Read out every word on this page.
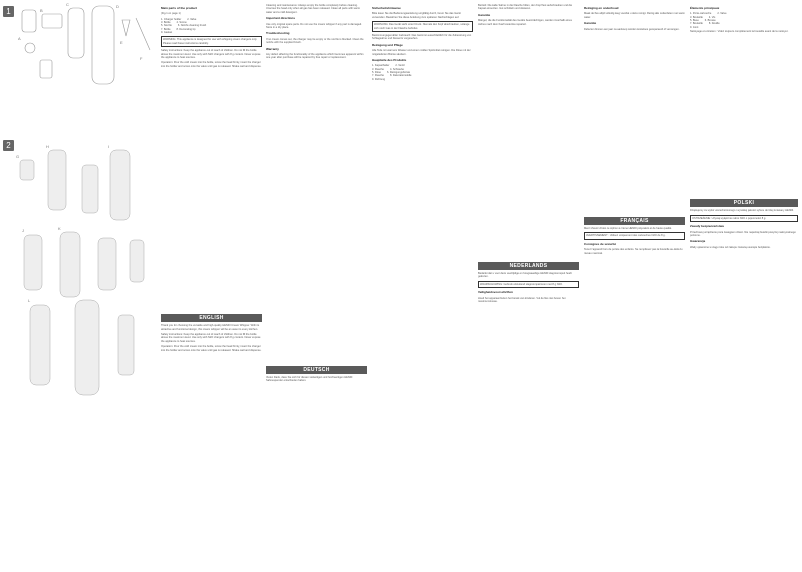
1
2
A
B
C	D
E
F
G
H	I
J	K
L

Main parts of the product

(Fig.1 on page 1)

1. Charger holder 2. Valve
3. Bottle 4. Screw
5. Nozzle 6. Nozzle cleaning brush
7. Bottle 8. Decorating tip
9. Gasket

WARNING: This appliance is designed for use with whipping cream chargers only. Please read these instructions carefully.

Safety instructions: Keep the appliance out of reach of children. Do not fill the bottle above the maximum level. Use only with N2O chargers with 8 g content. Never expose the appliance to heat sources.

Operation: Pour the cold cream into the bottle, screw the head firmly, insert the charger into the holder and screw onto the valve until gas is released. Shake well and dispense.

ENGLISH

Thank you for choosing the versatile and high-quality HENDI Cream Whipper. With its attractive and functional design, this cream whipper will be an asset to every kitchen.

Safety instructions: Keep the appliance out of reach of children. Do not fill the bottle above the maximum level. Use only with N2O chargers with 8 g content. Never expose the appliance to heat sources.

Operation: Pour the cold cream into the bottle, screw the head firmly, insert the charger into the holder and screw onto the valve until gas is released. Shake well and dispense.

Cleaning and maintenance: Always empty the bottle completely before cleaning. Unscrew the head only when all gas has been released. Clean all parts with warm water and a mild detergent.

Important directions

Use only original spare parts. Do not use the cream whipper if any part is damaged. Store in a dry place.

Troubleshooting

If no cream comes out, the charger may be empty or the nozzle is blocked. Clean the nozzle with the supplied brush.

Warranty

Any defect affecting the functionality of the appliance which becomes apparent within one year after purchase will be repaired by free repair or replacement.

DEUTSCH

Vielen Dank, dass Sie sich für diesen vielseitigen und hochwertigen HENDI Sahnespender entschieden haben.

Sicherheitshinweise

Bitte lesen Sie die Bedienungsanleitung sorgfältig durch, bevor Sie das Gerät verwenden. Bewahren Sie diese Anleitung zum späteren Nachschlagen auf.

WARNUNG: Das Gerät steht unter Druck. Niemals den Kopf abschrauben, solange sich noch Gas in der Flasche befindet.

Bestimmungsgemäßer Gebrauch: Das Gerät ist ausschließlich für die Zubereitung von Schlagsahne und Desserts vorgesehen.

Reinigung und Pflege

Alle Teile mit warmem Wasser und einem milden Spülmittel reinigen. Die Düse mit der mitgelieferten Bürste säubern.

Hauptteile des Produkts

1. Kapselhalter 2. Ventil
3. Flasche 4. Schraube
5. Düse 6. Reinigungsbürste
7. Flasche 8. Dekorationstülle
9. Dichtung

Betrieb: Die kalte Sahne in die Flasche füllen, den Kopf fest aufschrauben und die Kapsel einsetzen. Gut schütteln und dosieren.

Garantie

Mängel, die die Funktionalität des Geräts beeinträchtigen, werden innerhalb eines Jahres nach dem Kauf kostenlos repariert.

NEDERLANDS

Bedankt dat u voor deze veelzijdige en hoogwaardige HENDI slagroomspuit heeft gekozen.

WAARSCHUWING: Gebruik uitsluitend slagroompatronen met 8 g N2O.

Veiligheidsvoorschriften

Houd het apparaat buiten het bereik van kinderen. Vul de fles niet boven het maximumniveau.

Reiniging en onderhoud

Maak de fles altijd volledig leeg voordat u deze reinigt. Reinig alle onderdelen met warm water.

Garantie

Defecten binnen een jaar na aankoop worden kosteloos gerepareerd of vervangen.

FRANÇAIS

Merci d'avoir choisi ce siphon à crème HENDI polyvalent et de haute qualité.

AVERTISSEMENT : Utilisez uniquement des cartouches N2O de 8 g.

Consignes de sécurité

Tenez l'appareil hors de portée des enfants. Ne remplissez pas la bouteille au-delà du niveau maximal.

Éléments principaux

1. Porte-cartouche 2. Valve
3. Bouteille 4. Vis
5. Buse 6. Brosse
7. Bouteille 8. Douille
9. Joint

Nettoyage et entretien : Videz toujours complètement la bouteille avant de la nettoyer.

POLSKI

Dziękujemy za wybór wszechstronnego i wysokiej jakości syfonu do bitej śmietany HENDI.

OSTRZEŻENIE: Używaj wyłącznie naboi N2O o pojemności 8 g.

Zasady bezpieczeństwa

Przechowuj urządzenie poza zasięgiem dzieci. Nie napełniaj butelki powyżej maksymalnego poziomu.

Gwarancja

Wady ujawnione w ciągu roku od zakupu zostaną usunięte bezpłatnie.
